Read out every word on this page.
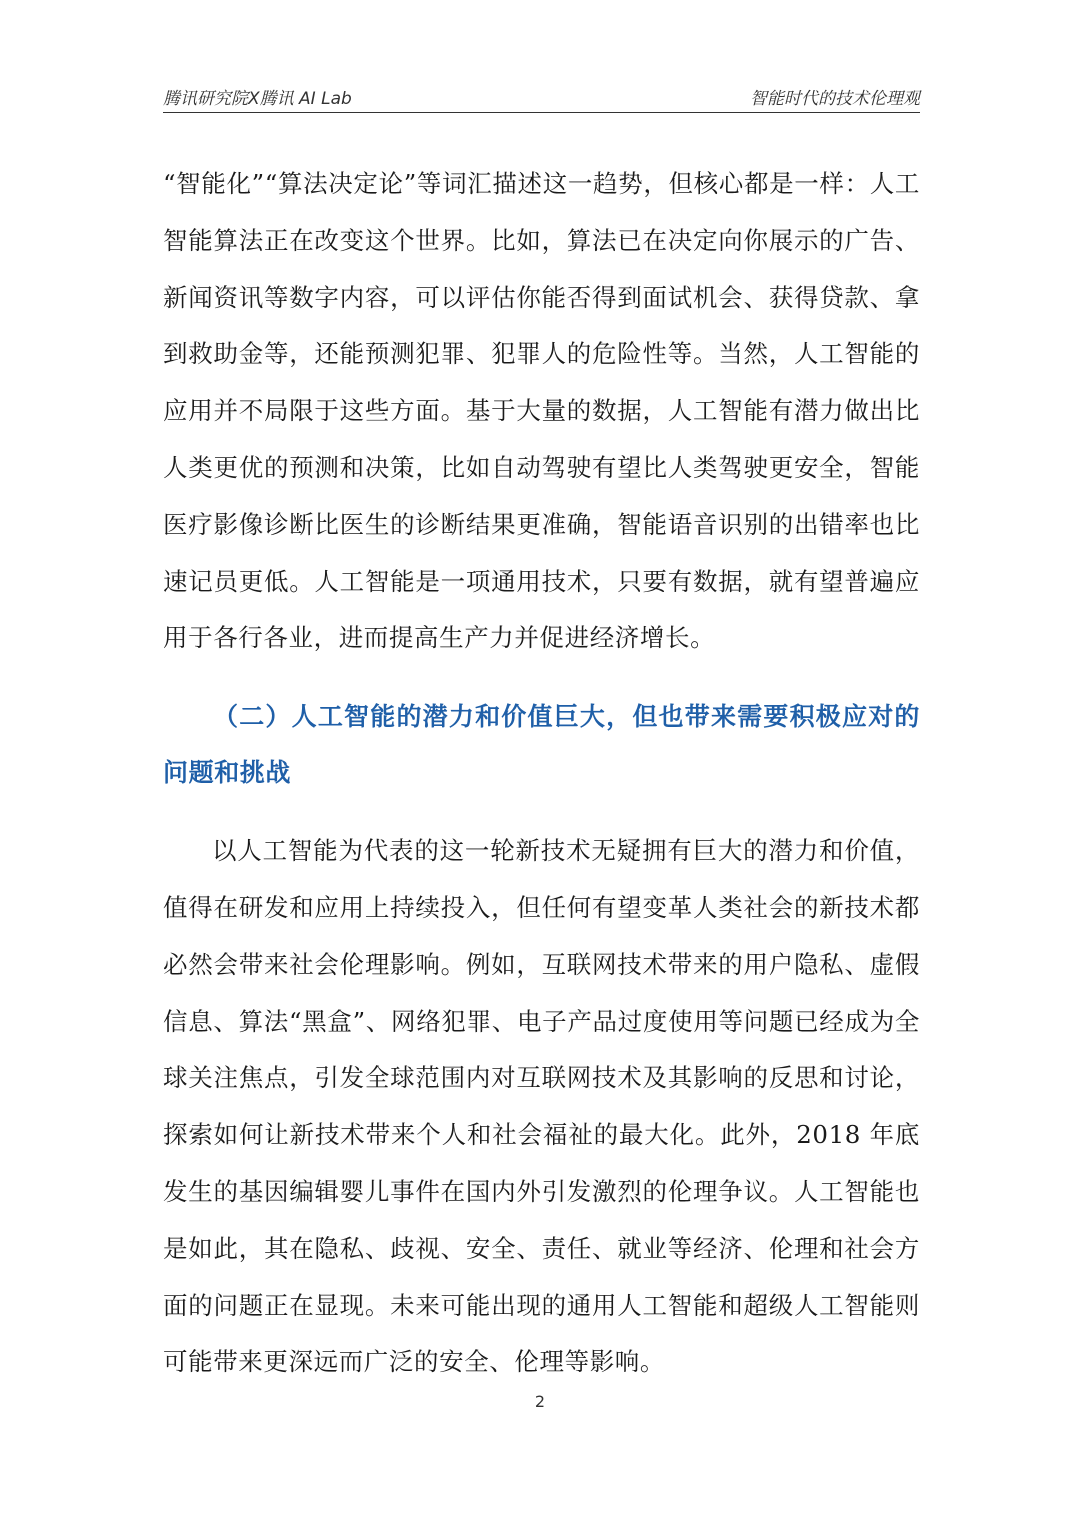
腾讯研究院X腾讯 AI Lab	智能时代的技术伦理观

“智能化”“算法决定论”等词汇描述这一趋势，但核心都是一样：人工智能算法正在改变这个世界。比如，算法已在决定向你展示的广告、新闻资讯等数字内容，可以评估你能否得到面试机会、获得贷款、拿到救助金等，还能预测犯罪、犯罪人的危险性等。当然，人工智能的应用并不局限于这些方面。基于大量的数据，人工智能有潜力做出比人类更优的预测和决策，比如自动驾驶有望比人类驾驶更安全，智能医疗影像诊断比医生的诊断结果更准确，智能语音识别的出错率也比速记员更低。人工智能是一项通用技术，只要有数据，就有望普遍应用于各行各业，进而提高生产力并促进经济增长。

（二）人工智能的潜力和价值巨大，但也带来需要积极应对的问题和挑战

以人工智能为代表的这一轮新技术无疑拥有巨大的潜力和价值，值得在研发和应用上持续投入，但任何有望变革人类社会的新技术都必然会带来社会伦理影响。例如，互联网技术带来的用户隐私、虚假信息、算法“黑盒”、网络犯罪、电子产品过度使用等问题已经成为全球关注焦点，引发全球范围内对互联网技术及其影响的反思和讨论，探索如何让新技术带来个人和社会福祉的最大化。此外，2018 年底发生的基因编辑婴儿事件在国内外引发激烈的伦理争议。人工智能也是如此，其在隐私、歧视、安全、责任、就业等经济、伦理和社会方面的问题正在显现。未来可能出现的通用人工智能和超级人工智能则可能带来更深远而广泛的安全、伦理等影响。

2
